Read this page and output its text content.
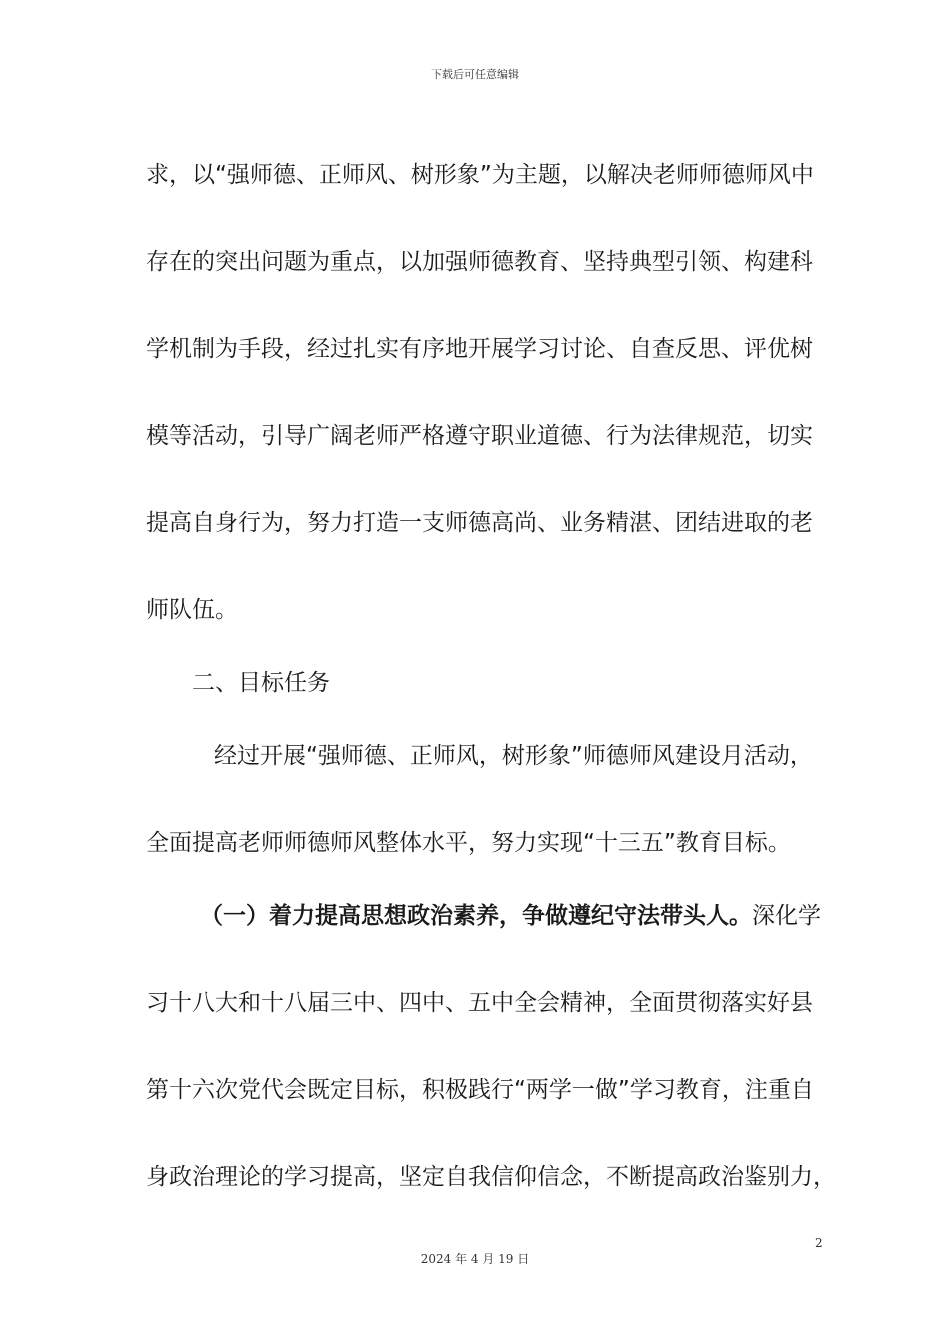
下载后可任意编辑
求，以“强师德、正师风、树形象”为主题，以解决老师师德师风中
存在的突出问题为重点，以加强师德教育、坚持典型引领、构建科
学机制为手段，经过扎实有序地开展学习讨论、自查反思、评优树
模等活动，引导广阔老师严格遵守职业道德、行为法律规范，切实
提高自身行为，努力打造一支师德高尚、业务精湛、团结进取的老
师队伍。
二、目标任务
经过开展“强师德、正师风，树形象”师德师风建设月活动，
全面提高老师师德师风整体水平，努力实现“十三五”教育目标。
（一）着力提高思想政治素养，争做遵纪守法带头人。深化学
习十八大和十八届三中、四中、五中全会精神，全面贯彻落实好县
第十六次党代会既定目标，积极践行“两学一做”学习教育，注重自
身政治理论的学习提高，坚定自我信仰信念，不断提高政治鉴别力，
2
2024 年 4 月 19 日
